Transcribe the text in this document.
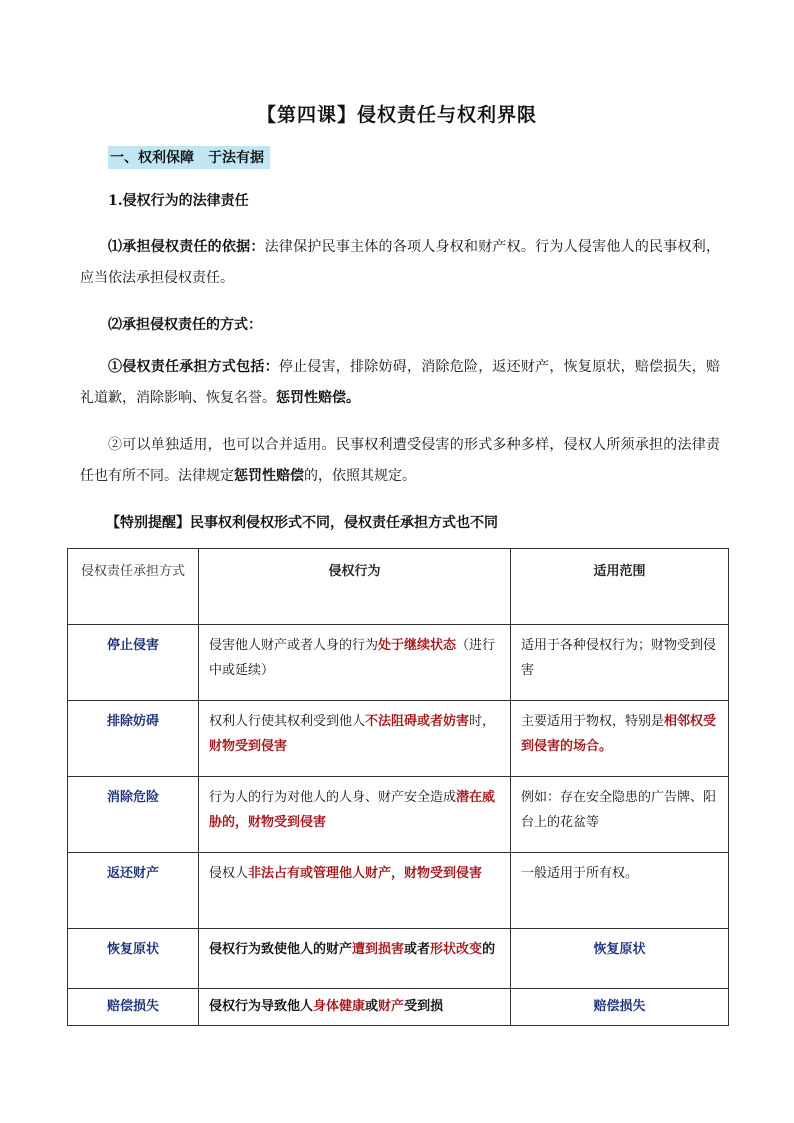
【第四课】侵权责任与权利界限
一、权利保障　于法有据
1.侵权行为的法律责任
⑴承担侵权责任的依据：法律保护民事主体的各项人身权和财产权。行为人侵害他人的民事权利，应当依法承担侵权责任。
⑵承担侵权责任的方式：
①侵权责任承担方式包括：停止侵害，排除妨碍，消除危险，返还财产，恢复原状，赔偿损失，赔礼道歉，消除影响、恢复名誉。惩罚性赔偿。
②可以单独适用，也可以合并适用。民事权利遭受侵害的形式多种多样，侵权人所须承担的法律责任也有所不同。法律规定惩罚性赔偿的，依照其规定。
【特别提醒】民事权利侵权形式不同，侵权责任承担方式也不同
侵权责任承担方式	侵权行为	适用范围
停止侵害	侵害他人财产或者人身的行为处于继续状态（进行中或延续）	适用于各种侵权行为；财物受到侵害
排除妨碍	权利人行使其权利受到他人不法阻碍或者妨害时，财物受到侵害	主要适用于物权，特别是相邻权受到侵害的场合。
消除危险	行为人的行为对他人的人身、财产安全造成潜在威胁的，财物受到侵害	例如：存在安全隐患的广告牌、阳台上的花盆等
返还财产	侵权人非法占有或管理他人财产，财物受到侵害	一般适用于所有权。
恢复原状	侵权行为致使他人的财产遭到损害或者形状改变的	恢复原状
赔偿损失	侵权行为导致他人身体健康或财产受到损	赔偿损失
